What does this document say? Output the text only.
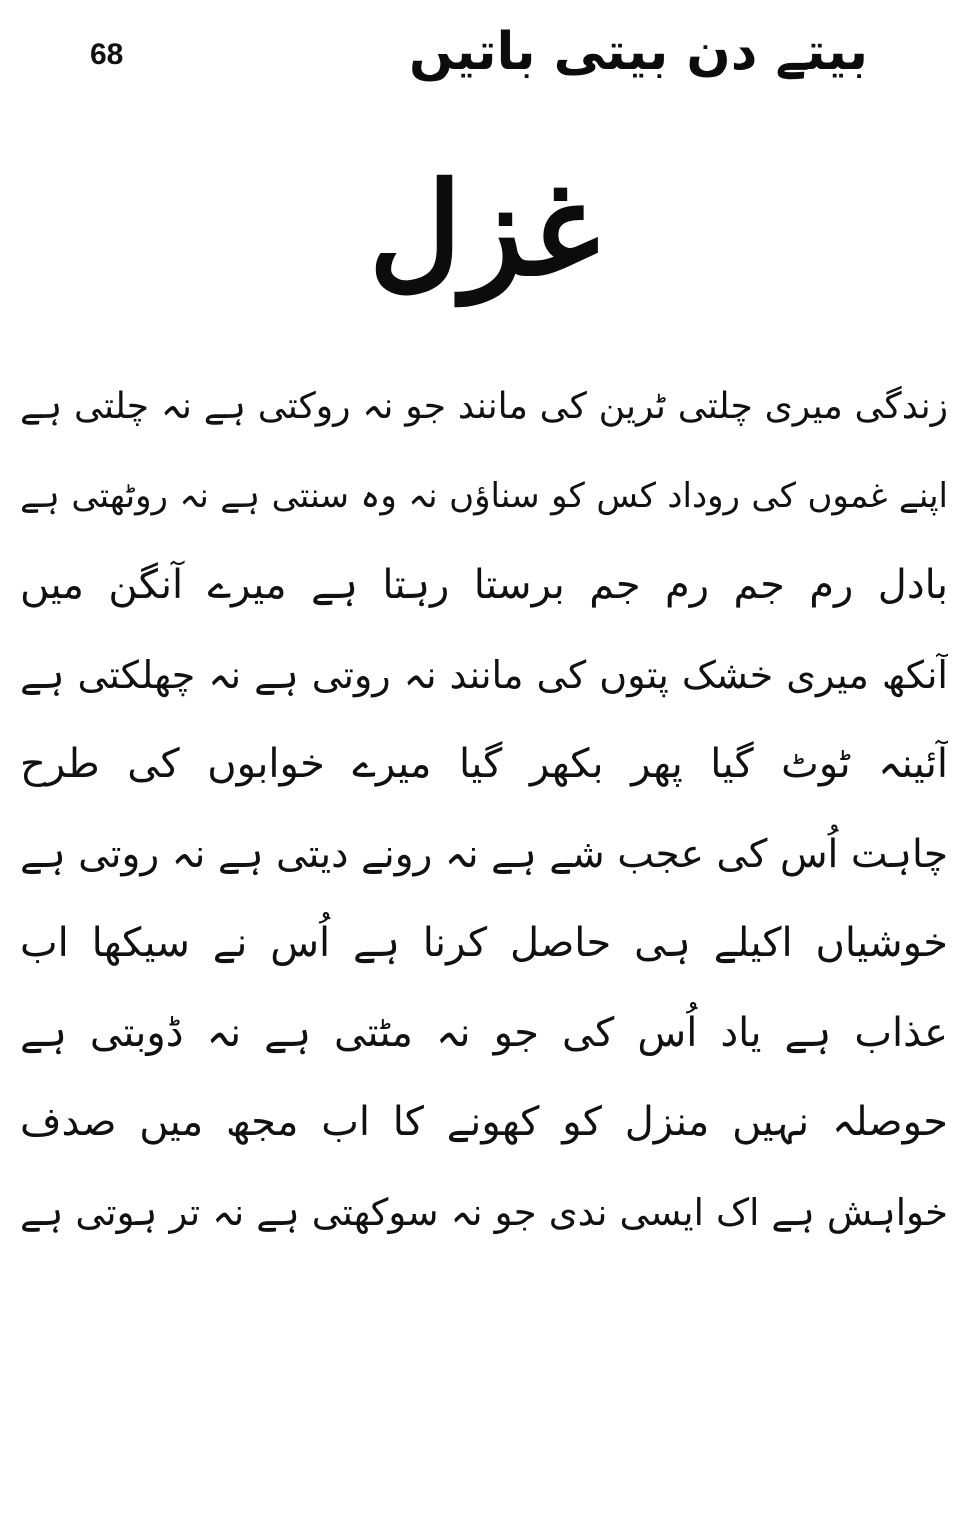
68	بیتے دن بیتی باتیں
غزل
زندگی میری چلتی ٹرین کی مانند جو نہ روکتی ہے نہ چلتی ہے
اپنے غموں کی روداد کس کو سناؤں نہ وہ سنتی ہے نہ روٹھتی ہے
بادل رم جم رم جم برستا رہتا ہے میرے آنگن میں
آنکھ میری خشک پتوں کی مانند نہ روتی ہے نہ چھلکتی ہے
آئینہ ٹوٹ گیا پھر بکھر گیا میرے خوابوں کی طرح
چاہت اُس کی عجب شے ہے نہ رونے دیتی ہے نہ روتی ہے
خوشیاں اکیلے ہی حاصل کرنا ہے اُس نے سیکھا اب
عذاب ہے یاد اُس کی جو نہ مٹتی ہے نہ ڈوبتی ہے
حوصلہ نہیں منزل کو کھونے کا اب مجھ میں صدف
خواہش ہے اک ایسی ندی جو نہ سوکھتی ہے نہ تر ہوتی ہے
